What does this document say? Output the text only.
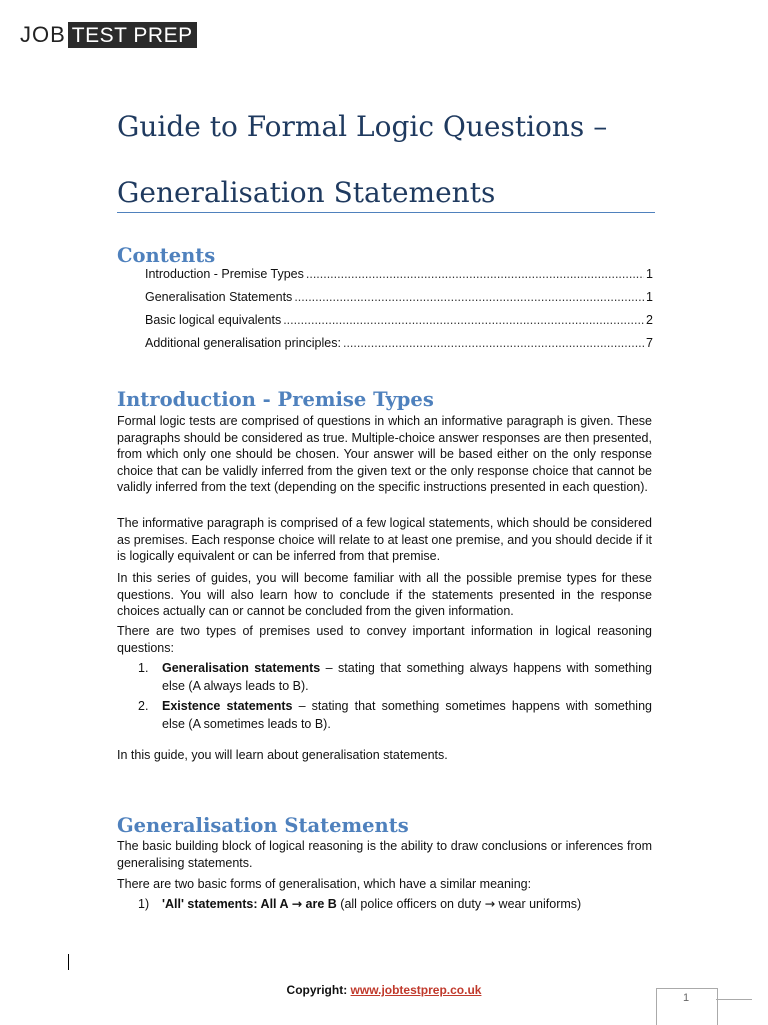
JOB TEST PREP
Guide to Formal Logic Questions –
Generalisation Statements
Contents
Introduction - Premise Types .....	1
Generalisation Statements .....	1
Basic logical equivalents .....	2
Additional generalisation principles: .....	7
Introduction - Premise Types

Formal logic tests are comprised of questions in which an informative paragraph is given. These paragraphs should be considered as true. Multiple-choice answer responses are then presented, from which only one should be chosen. Your answer will be based either on the only response choice that can be validly inferred from the given text or the only response choice that cannot be validly inferred from the text (depending on the specific instructions presented in each question).

The informative paragraph is comprised of a few logical statements, which should be considered as premises. Each response choice will relate to at least one premise, and you should decide if it is logically equivalent or can be inferred from that premise.

In this series of guides, you will become familiar with all the possible premise types for these questions. You will also learn how to conclude if the statements presented in the response choices actually can or cannot be concluded from the given information.

There are two types of premises used to convey important information in logical reasoning questions:

1.	Generalisation statements – stating that something always happens with something else (A always leads to B).
2.	Existence statements – stating that something sometimes happens with something else (A sometimes leads to B).

In this guide, you will learn about generalisation statements.

Generalisation Statements

The basic building block of logical reasoning is the ability to draw conclusions or inferences from generalising statements.

There are two basic forms of generalisation, which have a similar meaning:

1)	'All' statements: All A → are B (all police officers on duty → wear uniforms)
Copyright: www.jobtestprep.co.uk
1
